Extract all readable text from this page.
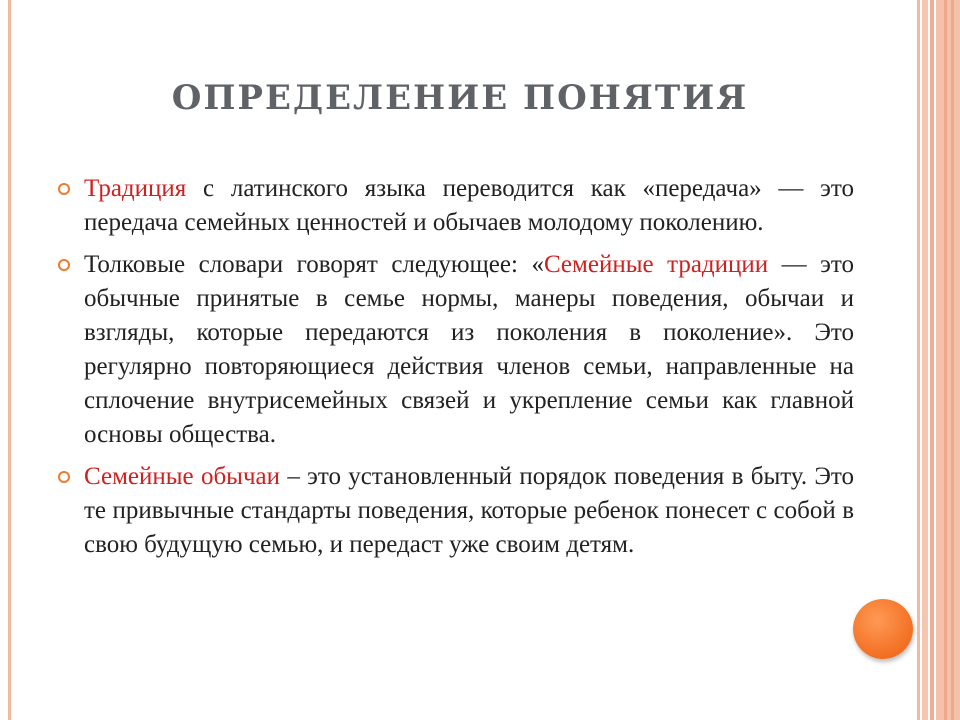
ОПРЕДЕЛЕНИЕ ПОНЯТИЯ
Традиция с латинского языка переводится как «передача» — это передача семейных ценностей и обычаев молодому поколению.
Толковые словари говорят следующее: «Семейные традиции — это обычные принятые в семье нормы, манеры поведения, обычаи и взгляды, которые передаются из поколения в поколение». Это регулярно повторяющиеся действия членов семьи, направленные на сплочение внутрисемейных связей и укрепление семьи как главной основы общества.
Семейные обычаи – это установленный порядок поведения в быту. Это те привычные стандарты поведения, которые ребенок понесет с собой в свою будущую семью, и передаст уже своим детям.
